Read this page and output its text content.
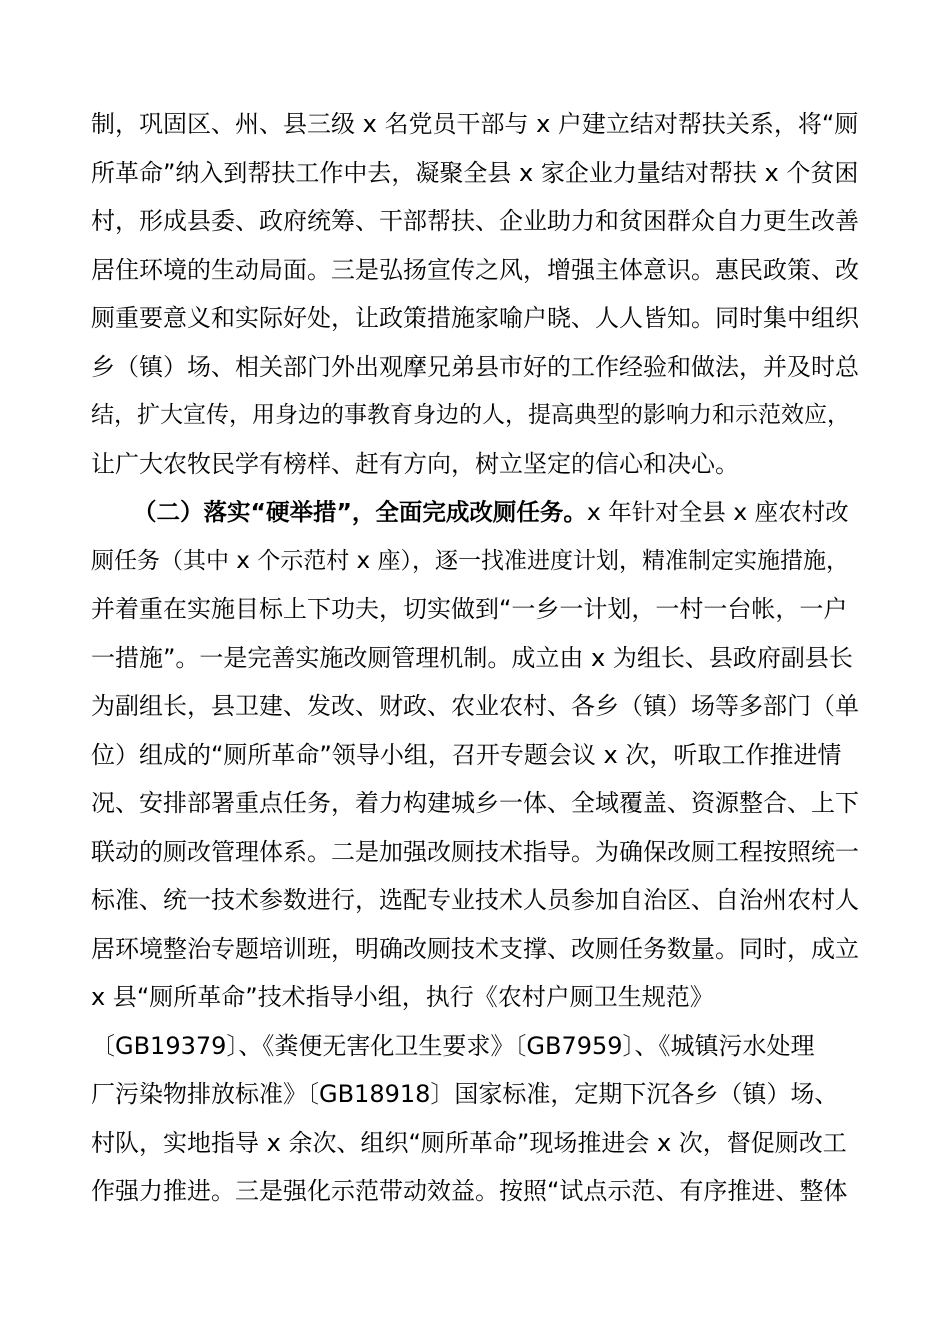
制，巩固区、州、县三级 x 名党员干部与 x 户建立结对帮扶关系，将“厕
所革命”纳入到帮扶工作中去，凝聚全县 x 家企业力量结对帮扶 x 个贫困
村，形成县委、政府统筹、干部帮扶、企业助力和贫困群众自力更生改善
居住环境的生动局面。三是弘扬宣传之风，增强主体意识。惠民政策、改
厕重要意义和实际好处，让政策措施家喻户晓、人人皆知。同时集中组织
乡（镇）场、相关部门外出观摩兄弟县市好的工作经验和做法，并及时总
结，扩大宣传，用身边的事教育身边的人，提高典型的影响力和示范效应，
让广大农牧民学有榜样、赶有方向，树立坚定的信心和决心。
（二）落实“硬举措”，全面完成改厕任务。x 年针对全县 x 座农村改
厕任务（其中 x 个示范村 x 座），逐一找准进度计划，精准制定实施措施，
并着重在实施目标上下功夫，切实做到“一乡一计划，一村一台帐，一户
一措施”。一是完善实施改厕管理机制。成立由 x 为组长、县政府副县长
为副组长，县卫建、发改、财政、农业农村、各乡（镇）场等多部门（单
位）组成的“厕所革命”领导小组，召开专题会议 x 次，听取工作推进情
况、安排部署重点任务，着力构建城乡一体、全域覆盖、资源整合、上下
联动的厕改管理体系。二是加强改厕技术指导。为确保改厕工程按照统一
标准、统一技术参数进行，选配专业技术人员参加自治区、自治州农村人
居环境整治专题培训班，明确改厕技术支撑、改厕任务数量。同时，成立
x 县“厕所革命”技术指导小组，执行《农村户厕卫生规范》
〔GB19379〕、《粪便无害化卫生要求》〔GB7959〕、《城镇污水处理
厂污染物排放标准》〔GB18918〕国家标准，定期下沉各乡（镇）场、
村队，实地指导 x 余次、组织“厕所革命”现场推进会 x 次，督促厕改工
作强力推进。三是强化示范带动效益。按照“试点示范、有序推进、整体
